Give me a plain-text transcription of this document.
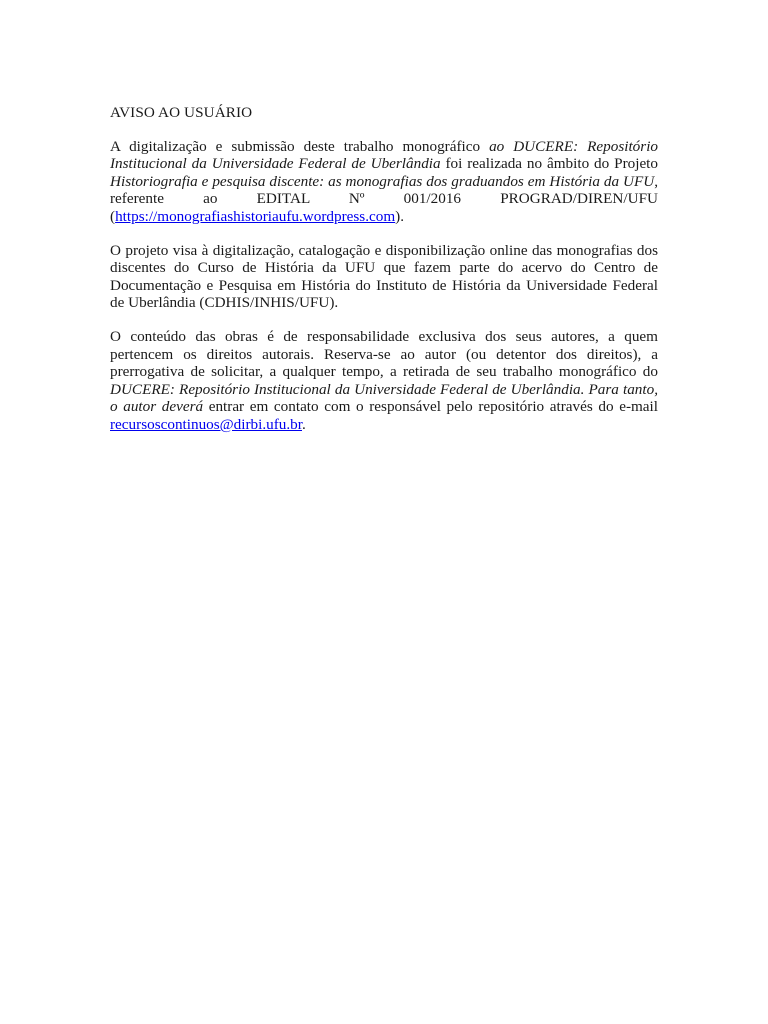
AVISO AO USUÁRIO

A digitalização e submissão deste trabalho monográfico ao DUCERE: Repositório Institucional da Universidade Federal de Uberlândia foi realizada no âmbito do Projeto Historiografia e pesquisa discente: as monografias dos graduandos em História da UFU, referente ao EDITAL Nº 001/2016 PROGRAD/DIREN/UFU (https://monografiashistoriaufu.wordpress.com).

O projeto visa à digitalização, catalogação e disponibilização online das monografias dos discentes do Curso de História da UFU que fazem parte do acervo do Centro de Documentação e Pesquisa em História do Instituto de História da Universidade Federal de Uberlândia (CDHIS/INHIS/UFU).

O conteúdo das obras é de responsabilidade exclusiva dos seus autores, a quem pertencem os direitos autorais. Reserva-se ao autor (ou detentor dos direitos), a prerrogativa de solicitar, a qualquer tempo, a retirada de seu trabalho monográfico do DUCERE: Repositório Institucional da Universidade Federal de Uberlândia. Para tanto, o autor deverá entrar em contato com o responsável pelo repositório através do e-mail recursoscontinuos@dirbi.ufu.br.
